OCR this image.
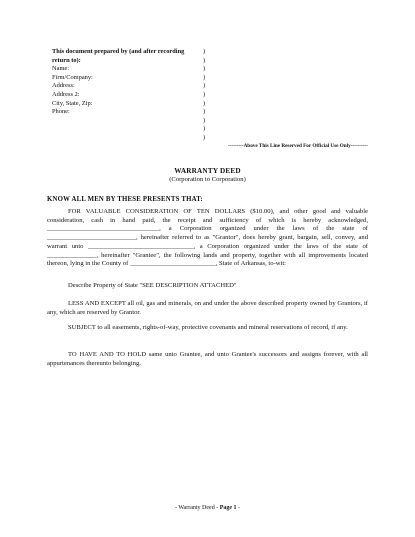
This document prepared by (and after recording
return to):
Name:
Firm/Company:
Address:
Address 2:
City, State, Zip:
Phone:
)
)
)
)
)
)
)
)
)
)
)
---------Above This Line Reserved For Official Use Only----------
WARRANTY DEED
(Corporation to Corporation)
KNOW ALL MEN BY THESE PRESENTS THAT:

FOR VALUABLE CONSIDERATION OF TEN DOLLARS ($10.00), and other good and valuable consideration, cash in hand paid, the receipt and sufficiency of which is hereby acknowledged, __________________________________, a Corporation organized under the laws of the state of ___________________________, hereinafter referred to as "Grantor", does hereby grant, bargain, sell, convey, and warrant unto ________________________________, a Corporation organized under the laws of the state of _______________, hereinafter "Grantee", the following lands and property, together with all improvements located thereon, lying in the County of __________________________, State of Arkansas, to-wit:

Describe Property of State "SEE DESCRIPTION ATTACHED"

LESS AND EXCEPT all oil, gas and minerals, on and under the above described property owned by Grantors, if any, which are reserved by Grantor.

SUBJECT to all easements, rights-of-way, protective covenants and mineral reservations of record, if any.

TO HAVE AND TO HOLD same unto Grantee, and unto Grantee's successors and assigns forever, with all appurtenances thereunto belonging.

- Warranty Deed - Page 1 -
